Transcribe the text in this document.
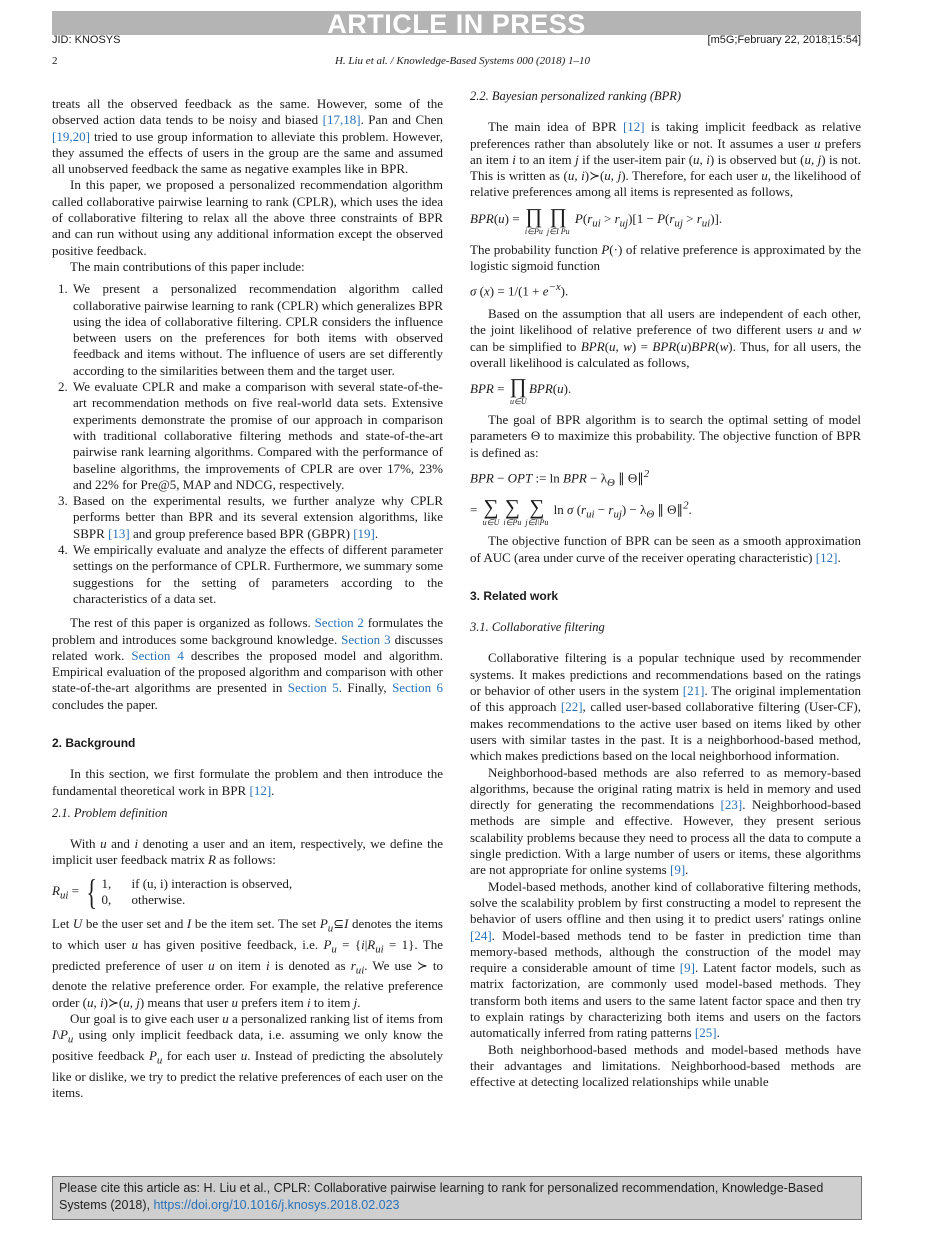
ARTICLE IN PRESS
JID: KNOSYS	[m5G;February 22, 2018;15:54]
2	H. Liu et al. / Knowledge-Based Systems 000 (2018) 1–10

treats all the observed feedback as the same. However, some of the observed action data tends to be noisy and biased [17,18]. Pan and Chen [19,20] tried to use group information to alleviate this problem. However, they assumed the effects of users in the group are the same and assumed all unobserved feedback the same as negative examples like in BPR.

In this paper, we proposed a personalized recommendation algorithm called collaborative pairwise learning to rank (CPLR), which uses the idea of collaborative filtering to relax all the above three constraints of BPR and can run without using any additional information except the observed positive feedback.

The main contributions of this paper include:

1. We present a personalized recommendation algorithm called collaborative pairwise learning to rank (CPLR) which generalizes BPR using the idea of collaborative filtering. CPLR considers the influence between users on the preferences for both items with observed feedback and items without. The influence of users are set differently according to the similarities between them and the target user.
2. We evaluate CPLR and make a comparison with several state-of-the-art recommendation methods on five real-world data sets. Extensive experiments demonstrate the promise of our approach in comparison with traditional collaborative filtering methods and state-of-the-art pairwise rank learning algorithms. Compared with the performance of baseline algorithms, the improvements of CPLR are over 17%, 23% and 22% for Pre@5, MAP and NDCG, respectively.
3. Based on the experimental results, we further analyze why CPLR performs better than BPR and its several extension algorithms, like SBPR [13] and group preference based BPR (GBPR) [19].
4. We empirically evaluate and analyze the effects of different parameter settings on the performance of CPLR. Furthermore, we summary some suggestions for the setting of parameters according to the characteristics of a data set.

The rest of this paper is organized as follows. Section 2 formulates the problem and introduces some background knowledge. Section 3 discusses related work. Section 4 describes the proposed model and algorithm. Empirical evaluation of the proposed algorithm and comparison with other state-of-the-art algorithms are presented in Section 5. Finally, Section 6 concludes the paper.

2. Background

In this section, we first formulate the problem and then introduce the fundamental theoretical work in BPR [12].

2.1. Problem definition

With u and i denoting a user and an item, respectively, we define the implicit user feedback matrix R as follows:

$R_{ui}$ = { 1, if (u, i) interaction is observed,
0, otherwise.

Let U be the user set and I be the item set. The set $P_u⊆I$ denotes the items to which user u has given positive feedback, i.e. $P_u = \{i|R_{ui} = 1\}$. The predicted preference of user u on item i is denoted as $r_{ui}$. We use ≻ to denote the relative preference order. For example, the relative preference order (u, i)≻(u, j) means that user u prefers item i to item j.

Our goal is to give each user u a personalized ranking list of items from $I\backslash P_u$ using only implicit feedback data, i.e. assuming we only know the positive feedback $P_u$ for each user u. Instead of predicting the absolutely like or dislike, we try to predict the relative preferences of each user on the items.

2.2. Bayesian personalized ranking (BPR)

The main idea of BPR [12] is taking implicit feedback as relative preferences rather than absolutely like or not. It assumes a user u prefers an item i to an item j if the user-item pair (u, i) is observed but (u, j) is not. This is written as (u, i)≻(u, j). Therefore, for each user u, the likelihood of relative preferences among all items is represented as follows,

BPR(u) = ∏
i∈Pu
∏
j∈I Pu
$P(r_{ui} > r_{uj})[1 - P(r_{uj} > r_{ui})]$.

The probability function P(·) of relative preference is approximated by the logistic sigmoid function

σ $(x) = 1/(1 + e^{-x})$.

Based on the assumption that all users are independent of each other, the joint likelihood of relative preference of two different users u and w can be simplified to BPR(u, w) = BPR(u)BPR(w). Thus, for all users, the overall likelihood is calculated as follows,

BPR = ∏
u∈U
BPR(u).

The goal of BPR algorithm is to search the optimal setting of model parameters Θ to maximize this probability. The objective function of BPR is defined as:

BPR − OPT := ln BPR − $\lambda_\Theta$ ∥ Θ∥$^2$
= ∑
u∈U
∑
i∈Pu
∑
j∈I\Pu
ln σ $(r_{ui} - r_{uj}) - \lambda_\Theta$ ∥ Θ∥$^2$.

The objective function of BPR can be seen as a smooth approximation of AUC (area under curve of the receiver operating characteristic) [12].

3. Related work
3.1. Collaborative filtering

Collaborative filtering is a popular technique used by recommender systems. It makes predictions and recommendations based on the ratings or behavior of other users in the system [21]. The original implementation of this approach [22], called user-based collaborative filtering (User-CF), makes recommendations to the active user based on items liked by other users with similar tastes in the past. It is a neighborhood-based method, which makes predictions based on the local neighborhood information.

Neighborhood-based methods are also referred to as memory-based algorithms, because the original rating matrix is held in memory and used directly for generating the recommendations [23]. Neighborhood-based methods are simple and effective. However, they present serious scalability problems because they need to process all the data to compute a single prediction. With a large number of users or items, these algorithms are not appropriate for online systems [9].

Model-based methods, another kind of collaborative filtering methods, solve the scalability problem by first constructing a model to represent the behavior of users offline and then using it to predict users' ratings online [24]. Model-based methods tend to be faster in prediction time than memory-based methods, although the construction of the model may require a considerable amount of time [9]. Latent factor models, such as matrix factorization, are commonly used model-based methods. They transform both items and users to the same latent factor space and then try to explain ratings by characterizing both items and users on the factors automatically inferred from rating patterns [25].

Both neighborhood-based methods and model-based methods have their advantages and limitations. Neighborhood-based methods are effective at detecting localized relationships while unable

Please cite this article as: H. Liu et al., CPLR: Collaborative pairwise learning to rank for personalized recommendation, Knowledge-Based Systems (2018), https://doi.org/10.1016/j.knosys.2018.02.023
